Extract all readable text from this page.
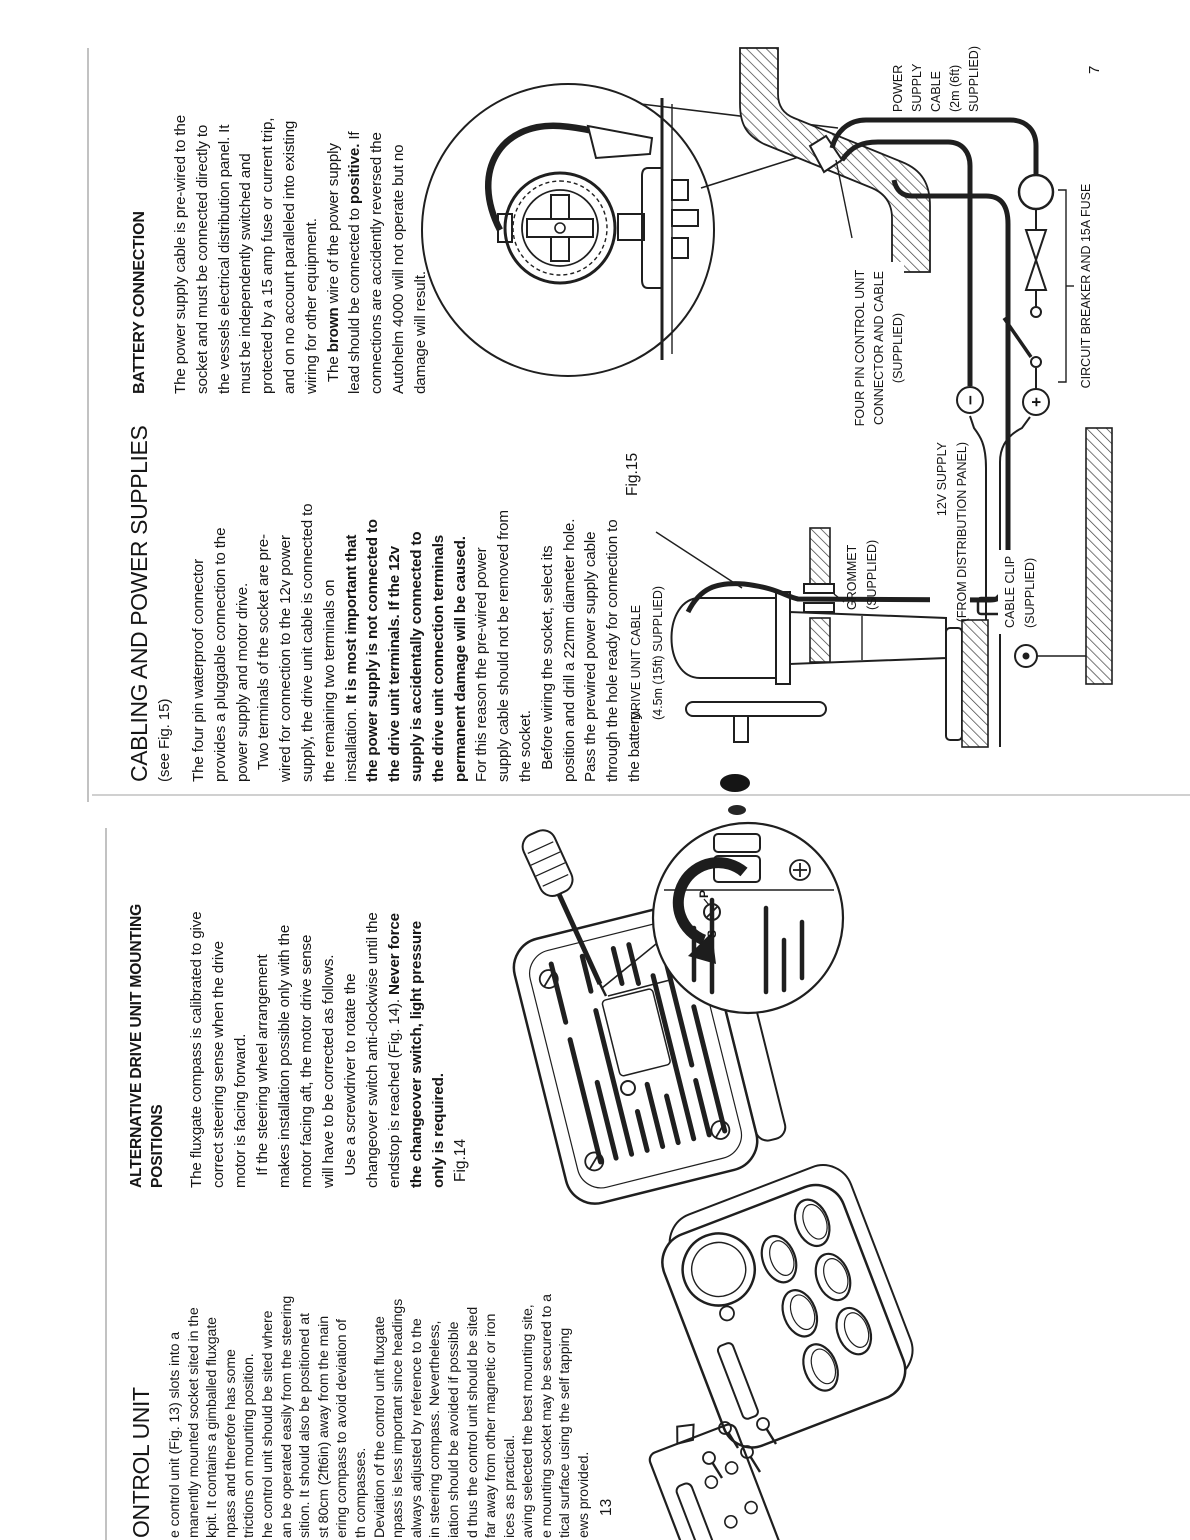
POWER SUPPLY CABLE (2m (6ft) SUPPLIED)
CIRCUIT BREAKER AND 15A FUSE
FOUR PIN CONTROL UNIT CONNECTOR AND CABLE (SUPPLIED)
12V SUPPLY (FROM DISTRIBUTION PANEL)	CABLE CLIP (SUPPLIED)
GROMMET (SUPPLIED)
DRIVE UNIT CABLE (4.5m (15ft) SUPPLIED)
−	+
P
S
ONTROL UNIT e control unit (Fig. 13) slots into a manently mounted socket sited in the kpit. It contains a gimballed fluxgate npass and therefore has some trictions on mounting position. he control unit should be sited where an be operated easily from the steering sition. It should also be positioned at st 80cm (2ft6in) away from the main ering compass to avoid deviation of th compasses. Deviation of the control unit fluxgate npass is less important since headings always adjusted by reference to the in steering compass. Nevertheless, iation should be avoided if possible d thus the control unit should be sited far away from other magnetic or iron ices as practical. aving selected the best mounting site, e mounting socket may be secured to a tical surface using the self tapping ews provided. 13
ALTERNATIVE DRIVE UNIT MOUNTING POSITIONS The fluxgate compass is calibrated to give correct steering sense when the drive motor is facing forward. If the steering wheel arrangement makes installation possible only with the motor facing aft, the motor drive sense will have to be corrected as follows. Use a screwdriver to rotate the changeover switch anti-clockwise until the endstop is reached (Fig. 14). Never force the changeover switch, light pressure only is required. Fig.14
CABLING AND POWER SUPPLIES (see Fig. 15) The four pin waterproof connector provides a pluggable connection to the power supply and motor drive. Two terminals of the socket are pre- wired for connection to the 12v power supply, the drive unit cable is connected to the remaining two terminals on installation. It is most important that the power supply is not connected to the drive unit terminals. If the 12v supply is accidentally connected to the drive unit connection terminals permanent damage will be caused. For this reason the pre-wired power supply cable should not be removed from the socket. Before wiring the socket, select its position and drill a 22mm diameter hole. Pass the prewired power supply cable through the hole ready for connection to the battery.
Fig.15
BATTERY CONNECTION The power supply cable is pre-wired to the socket and must be connected directly to the vessels electrical distribution panel. It must be independently switched and protected by a 15 amp fuse or current trip, and on no account paralleled into existing wiring for other equipment. The brown wire of the power supply lead should be connected to positive. If connections are accidently reversed the Autohelm 4000 will not operate but no damage will result.
7
